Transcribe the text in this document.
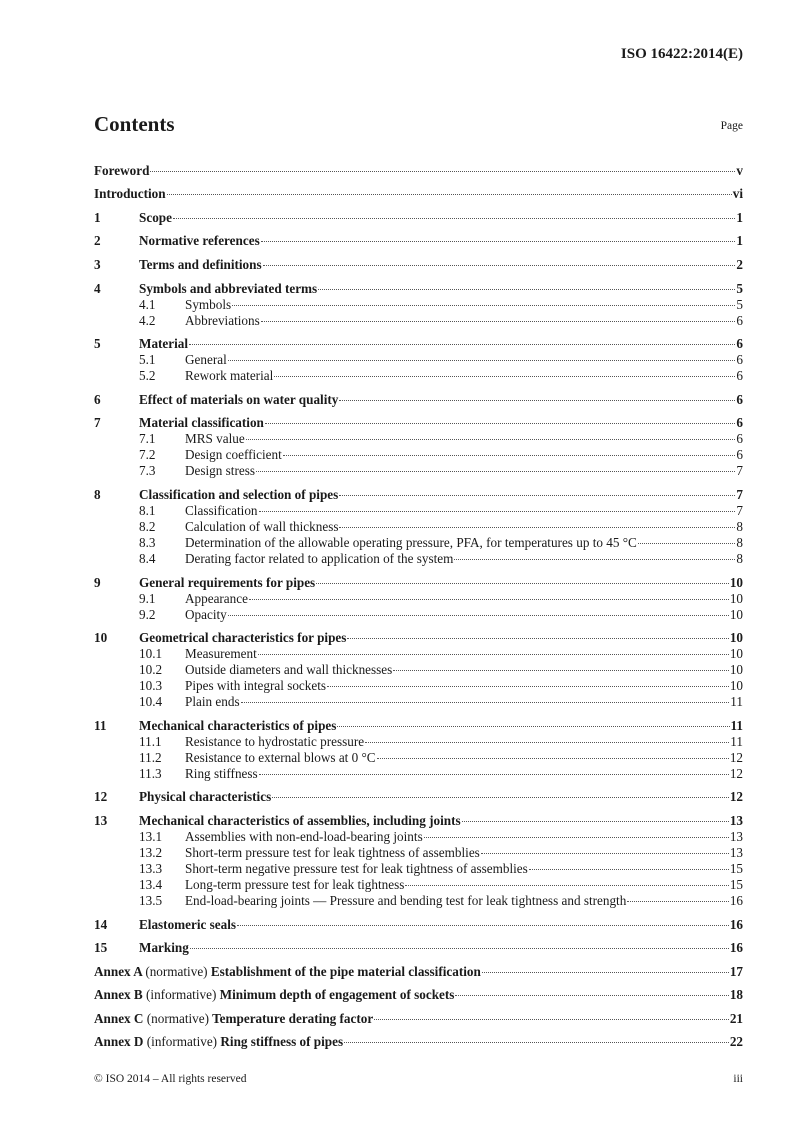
ISO 16422:2014(E)
Contents	Page
Foreword	v
Introduction	vi
1	Scope	1
2	Normative references	1
3	Terms and definitions	2
4	Symbols and abbreviated terms	5
4.1	Symbols	5
4.2	Abbreviations	6
5	Material	6
5.1	General	6
5.2	Rework material	6
6	Effect of materials on water quality	6
7	Material classification	6
7.1	MRS value	6
7.2	Design coefficient	6
7.3	Design stress	7
8	Classification and selection of pipes	7
8.1	Classification	7
8.2	Calculation of wall thickness	8
8.3	Determination of the allowable operating pressure, PFA, for temperatures up to 45 °C	8
8.4	Derating factor related to application of the system	8
9	General requirements for pipes	10
9.1	Appearance	10
9.2	Opacity	10
10	Geometrical characteristics for pipes	10
10.1	Measurement	10
10.2	Outside diameters and wall thicknesses	10
10.3	Pipes with integral sockets	10
10.4	Plain ends	11
11	Mechanical characteristics of pipes	11
11.1	Resistance to hydrostatic pressure	11
11.2	Resistance to external blows at 0 °C	12
11.3	Ring stiffness	12
12	Physical characteristics	12
13	Mechanical characteristics of assemblies, including joints	13
13.1	Assemblies with non-end-load-bearing joints	13
13.2	Short-term pressure test for leak tightness of assemblies	13
13.3	Short-term negative pressure test for leak tightness of assemblies	15
13.4	Long-term pressure test for leak tightness	15
13.5	End-load-bearing joints — Pressure and bending test for leak tightness and strength	16
14	Elastomeric seals	16
15	Marking	16
Annex A (normative) Establishment of the pipe material classification	17
Annex B (informative) Minimum depth of engagement of sockets	18
Annex C (normative) Temperature derating factor	21
Annex D (informative) Ring stiffness of pipes	22
© ISO 2014 – All rights reserved	iii
